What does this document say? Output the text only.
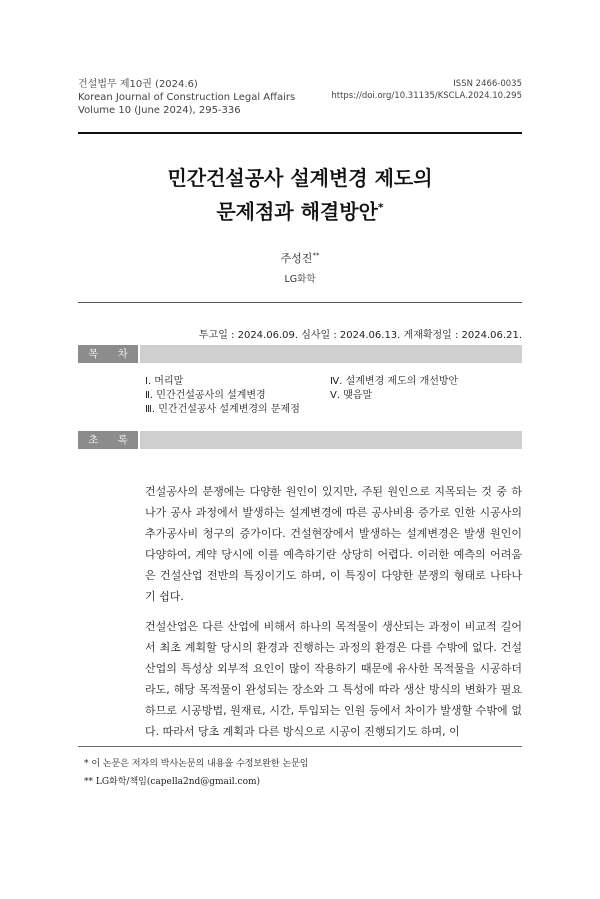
건설법무 제10권 (2024.6)
Korean Journal of Construction Legal Affairs
Volume 10 (June 2024), 295-336
ISSN 2466-0035
https://doi.org/10.31135/KSCLA.2024.10.295
민간건설공사 설계변경 제도의
문제점과 해결방안*
주성진**
LG화학
투고일 : 2024.06.09. 심사일 : 2024.06.13. 게재확정일 : 2024.06.21.
목 차
Ⅰ. 머리말
Ⅱ. 민간건설공사의 설계변경
Ⅲ. 민간건설공사 설계변경의 문제점
Ⅳ. 설계변경 제도의 개선방안
Ⅴ. 맺음말
초 록

건설공사의 분쟁에는 다양한 원인이 있지만, 주된 원인으로 지목되는 것 중 하나가 공사 과정에서 발생하는 설계변경에 따른 공사비용 증가로 인한 시공사의 추가공사비 청구의 증가이다. 건설현장에서 발생하는 설계변경은 발생 원인이 다양하여, 계약 당시에 이를 예측하기란 상당히 어렵다. 이러한 예측의 어려움은 건설산업 전반의 특징이기도 하며, 이 특징이 다양한 분쟁의 형태로 나타나기 쉽다.

건설산업은 다른 산업에 비해서 하나의 목적물이 생산되는 과정이 비교적 길어서 최초 계획할 당시의 환경과 진행하는 과정의 환경은 다를 수밖에 없다. 건설산업의 특성상 외부적 요인이 많이 작용하기 때문에 유사한 목적물을 시공하더라도, 해당 목적물이 완성되는 장소와 그 특성에 따라 생산 방식의 변화가 필요하므로 시공방법, 원재료, 시간, 투입되는 인원 등에서 차이가 발생할 수밖에 없다. 따라서 당초 계획과 다른 방식으로 시공이 진행되기도 하며, 이

* 이 논문은 저자의 박사논문의 내용을 수정보완한 논문임
** LG화학/책임(capella2nd@gmail.com)
